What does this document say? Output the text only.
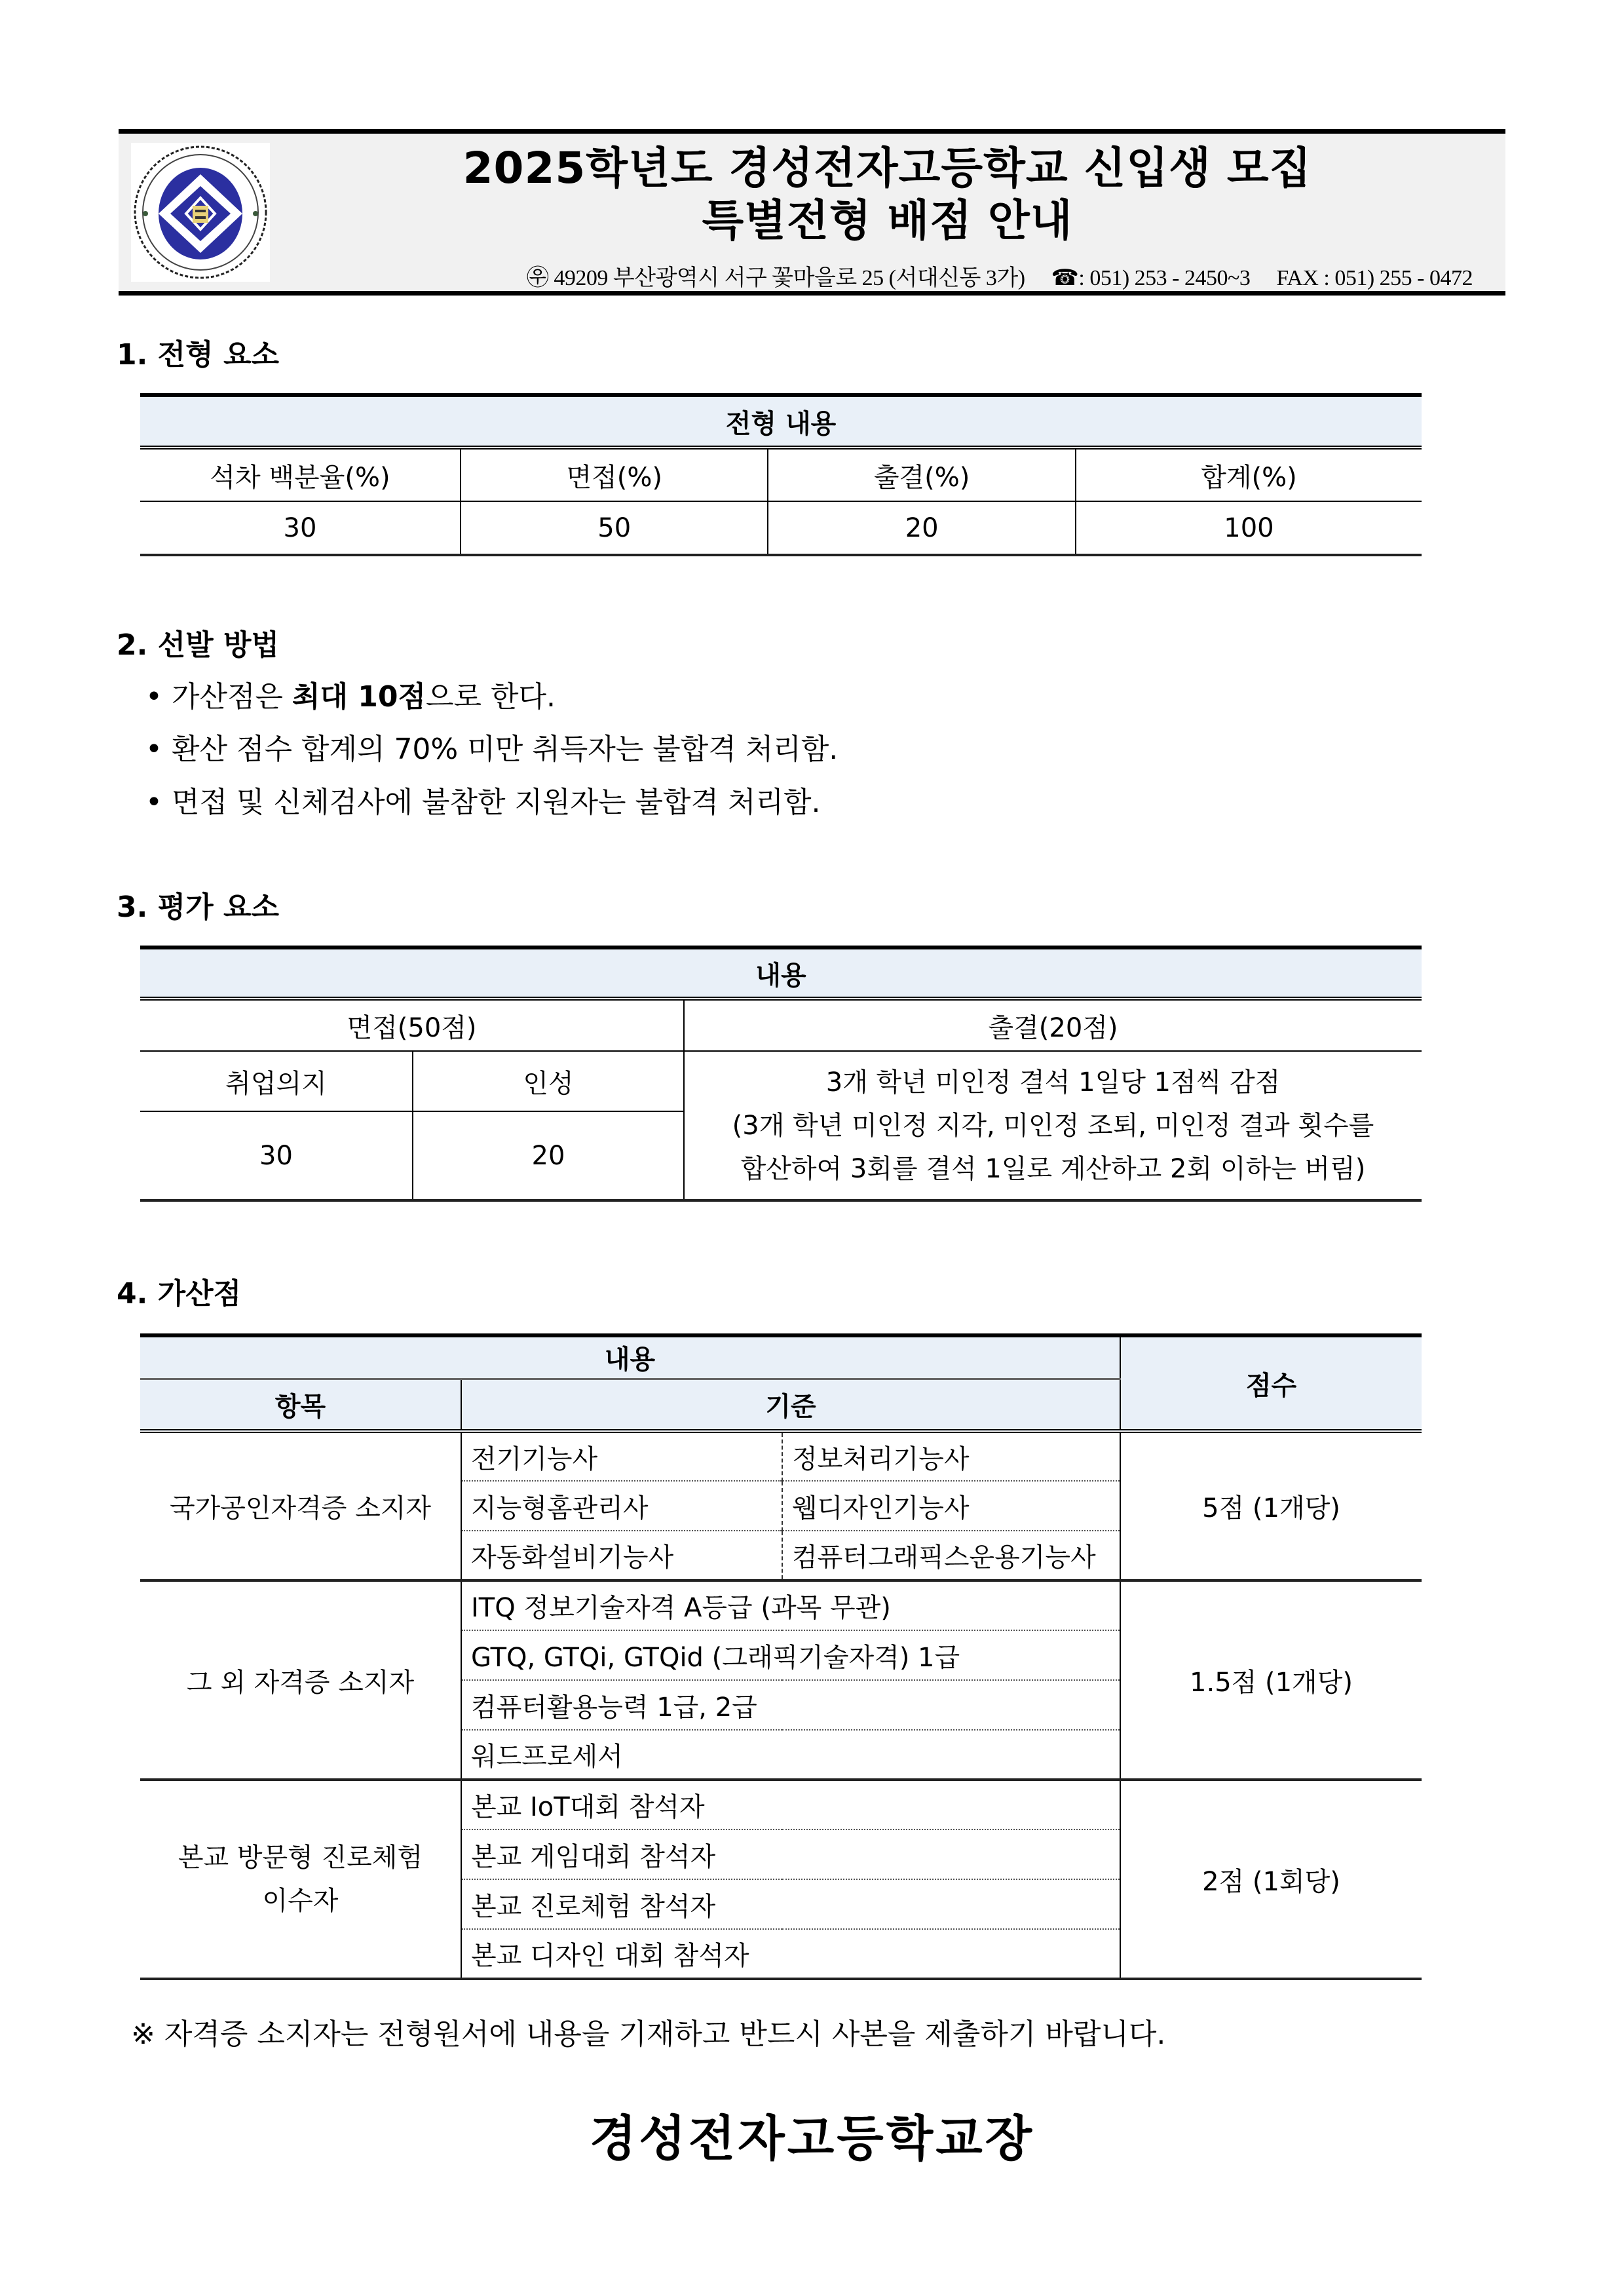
2025학년도 경성전자고등학교 신입생 모집
특별전형 배점 안내
㉾ 49209 부산광역시 서구 꽃마을로 25 (서대신동 3가) ☎: 051) 253 - 2450~3 FAX : 051) 255 - 0472
1. 전형 요소
전형 내용			
석차 백분율(%)	면접(%)	출결(%)	합계(%)
30	50	20	100
2. 선발 방법
• 가산점은 최대 10점으로 한다.
• 환산 점수 합계의 70% 미만 취득자는 불합격 처리함.
• 면접 및 신체검사에 불참한 지원자는 불합격 처리함.
3. 평가 요소
내용		
면접(50점)		출결(20점)
취업의지	인성	3개 학년 미인정 결석 1일당 1점씩 감점
(3개 학년 미인정 지각, 미인정 조퇴, 미인정 결과 횟수를
합산하여 3회를 결석 1일로 계산하고 2회 이하는 버림)

30	20	
4. 가산점
내용			점수
항목	기준		
국가공인자격증 소지자	전기기능사	정보처리기능사	5점 (1개당)
	지능형홈관리사	웹디자인기능사	
	자동화설비기능사	컴퓨터그래픽스운용기능사	
그 외 자격증 소지자	ITQ 정보기술자격 A등급 (과목 무관)		1.5점 (1개당)
	GTQ, GTQi, GTQid (그래픽기술자격) 1급		
	컴퓨터활용능력 1급, 2급		
	워드프로세서		

본교 방문형 진로체험
이수자	본교 IoT대회 참석자		2점 (1회당)
	본교 게임대회 참석자		
	본교 진로체험 참석자		
	본교 디자인 대회 참석자		
※ 자격증 소지자는 전형원서에 내용을 기재하고 반드시 사본을 제출하기 바랍니다.
경성전자고등학교장
